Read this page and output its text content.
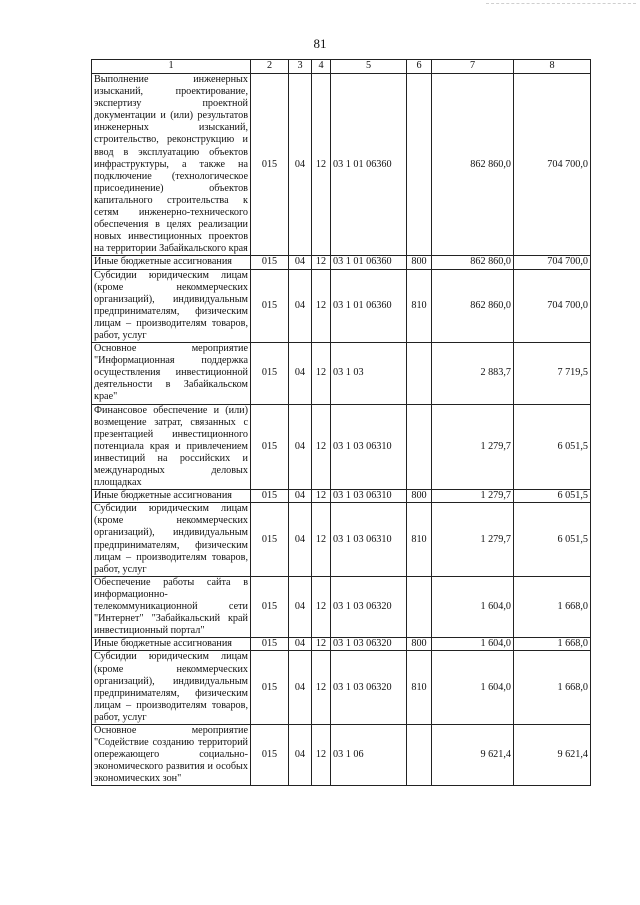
81
1	2	3	4	5	6	7	8
Выполнение инженерных изысканий, проектирование, экспертизу проектной документации и (или) результатов инженерных изысканий, строительство, реконструкцию и ввод в эксплуатацию объектов инфраструктуры, а также на подключение (технологическое присоединение) объектов капитального строительства к сетям инженерно-технического обеспечения в целях реализации новых инвестиционных проектов на территории Забайкальского края	015	04	12	03 1 01 06360		862 860,0	704 700,0
Иные бюджетные ассигнования	015	04	12	03 1 01 06360	800	862 860,0	704 700,0
Субсидии юридическим лицам (кроме некоммерческих организаций), индивидуальным предпринимателям, физическим лицам – производителям товаров, работ, услуг	015	04	12	03 1 01 06360	810	862 860,0	704 700,0
Основное мероприятие "Информационная поддержка осуществления инвестиционной деятельности в Забайкальском крае"	015	04	12	03 1 03		2 883,7	7 719,5
Финансовое обеспечение и (или) возмещение затрат, связанных с презентацией инвестиционного потенциала края и привлечением инвестиций на российских и международных деловых площадках	015	04	12	03 1 03 06310		1 279,7	6 051,5
Иные бюджетные ассигнования	015	04	12	03 1 03 06310	800	1 279,7	6 051,5
Субсидии юридическим лицам (кроме некоммерческих организаций), индивидуальным предпринимателям, физическим лицам – производителям товаров, работ, услуг	015	04	12	03 1 03 06310	810	1 279,7	6 051,5
Обеспечение работы сайта в информационно-телекоммуникационной сети "Интернет" "Забайкальский край инвестиционный портал"	015	04	12	03 1 03 06320		1 604,0	1 668,0
Иные бюджетные ассигнования	015	04	12	03 1 03 06320	800	1 604,0	1 668,0
Субсидии юридическим лицам (кроме некоммерческих организаций), индивидуальным предпринимателям, физическим лицам – производителям товаров, работ, услуг	015	04	12	03 1 03 06320	810	1 604,0	1 668,0
Основное мероприятие "Содействие созданию территорий опережающего социально-экономического развития и особых экономических зон"	015	04	12	03 1 06		9 621,4	9 621,4
